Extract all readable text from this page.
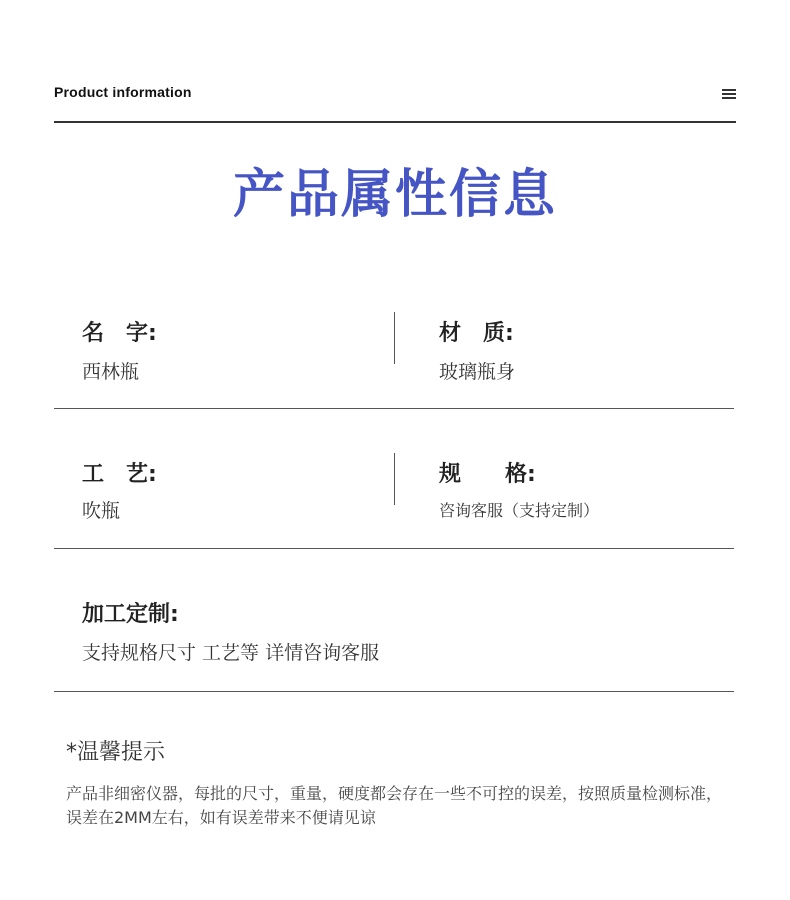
Product information
产品属性信息
名　字:
西林瓶
材　质:
玻璃瓶身
工　艺:
吹瓶
规　　格:
咨询客服（支持定制）
加工定制:
支持规格尺寸 工艺等 详情咨询客服
*温馨提示
产品非细密仪器，每批的尺寸，重量，硬度都会存在一些不可控的误差，按照质量检测标准，误差在2MM左右，如有误差带来不便请见谅
